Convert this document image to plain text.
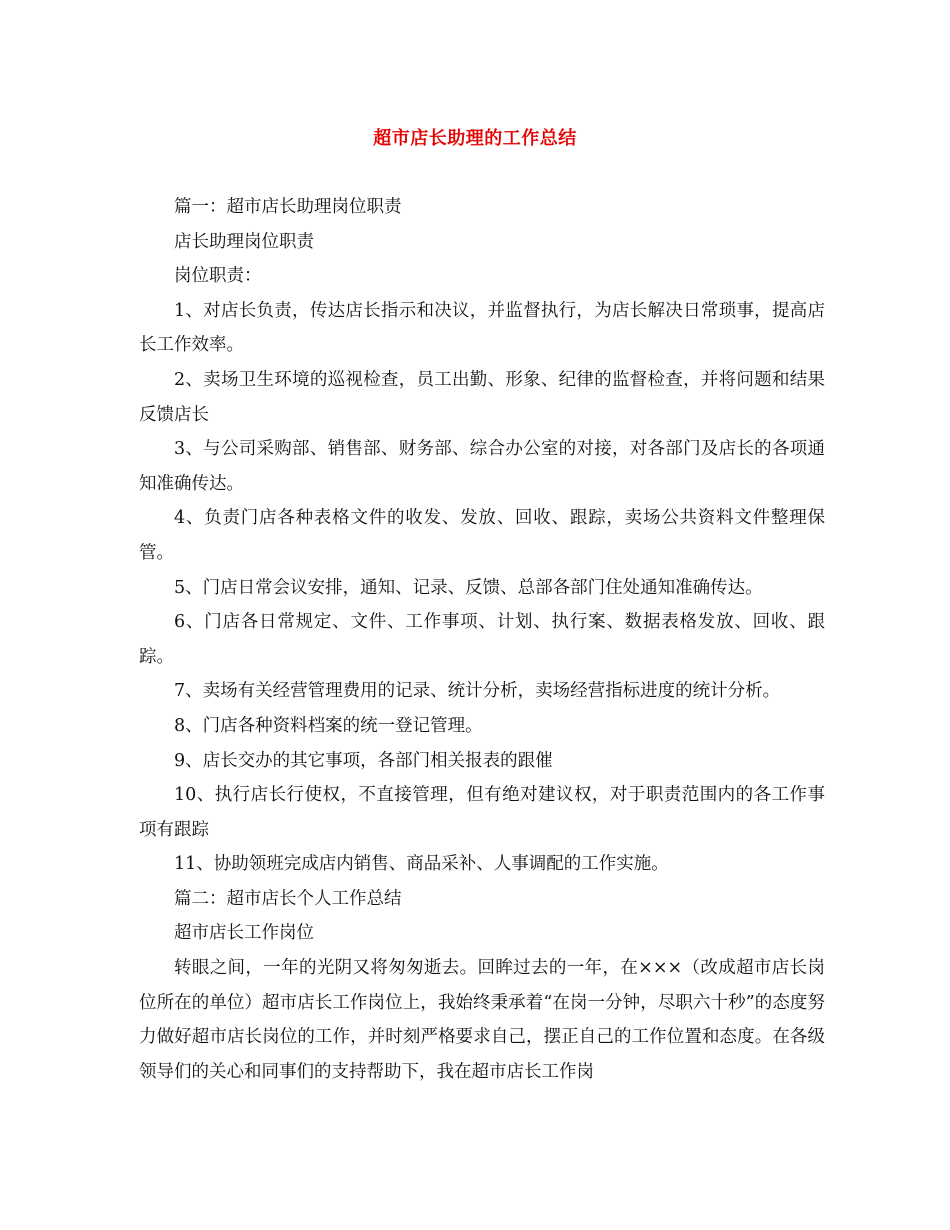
超市店长助理的工作总结

篇一：超市店长助理岗位职责

店长助理岗位职责

岗位职责：

1、对店长负责，传达店长指示和决议，并监督执行，为店长解决日常琐事，提高店长工作效率。

2、卖场卫生环境的巡视检查，员工出勤、形象、纪律的监督检查，并将问题和结果反馈店长

3、与公司采购部、销售部、财务部、综合办公室的对接，对各部门及店长的各项通知准确传达。

4、负责门店各种表格文件的收发、发放、回收、跟踪，卖场公共资料文件整理保管。

5、门店日常会议安排，通知、记录、反馈、总部各部门住处通知准确传达。

6、门店各日常规定、文件、工作事项、计划、执行案、数据表格发放、回收、跟踪。

7、卖场有关经营管理费用的记录、统计分析，卖场经营指标进度的统计分析。

8、门店各种资料档案的统一登记管理。

9、店长交办的其它事项，各部门相关报表的跟催

10、执行店长行使权，不直接管理，但有绝对建议权，对于职责范围内的各工作事项有跟踪

11、协助领班完成店内销售、商品采补、人事调配的工作实施。

篇二：超市店长个人工作总结

超市店长工作岗位

转眼之间，一年的光阴又将匆匆逝去。回眸过去的一年，在×××（改成超市店长岗位所在的单位）超市店长工作岗位上，我始终秉承着“在岗一分钟，尽职六十秒”的态度努力做好超市店长岗位的工作，并时刻严格要求自己，摆正自己的工作位置和态度。在各级领导们的关心和同事们的支持帮助下，我在超市店长工作岗
